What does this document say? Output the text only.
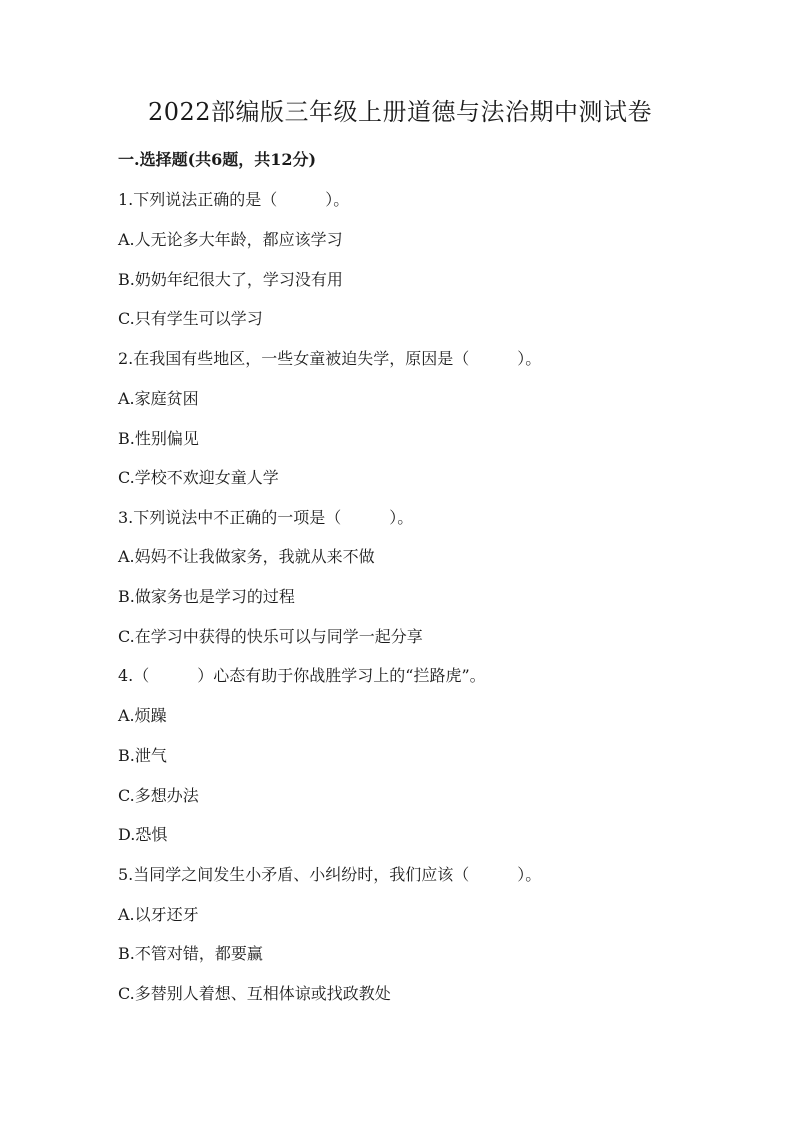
2022部编版三年级上册道德与法治期中测试卷
一.选择题(共6题，共12分)
1.下列说法正确的是（　　　）。
A.人无论多大年龄，都应该学习
B.奶奶年纪很大了，学习没有用
C.只有学生可以学习
2.在我国有些地区，一些女童被迫失学，原因是（　　　）。
A.家庭贫困
B.性别偏见
C.学校不欢迎女童人学
3.下列说法中不正确的一项是（　　　）。
A.妈妈不让我做家务，我就从来不做
B.做家务也是学习的过程
C.在学习中获得的快乐可以与同学一起分享
4.（　　　）心态有助于你战胜学习上的“拦路虎”。
A.烦躁
B.泄气
C.多想办法
D.恐惧
5.当同学之间发生小矛盾、小纠纷时，我们应该（　　　）。
A.以牙还牙
B.不管对错，都要赢
C.多替别人着想、互相体谅或找政教处
